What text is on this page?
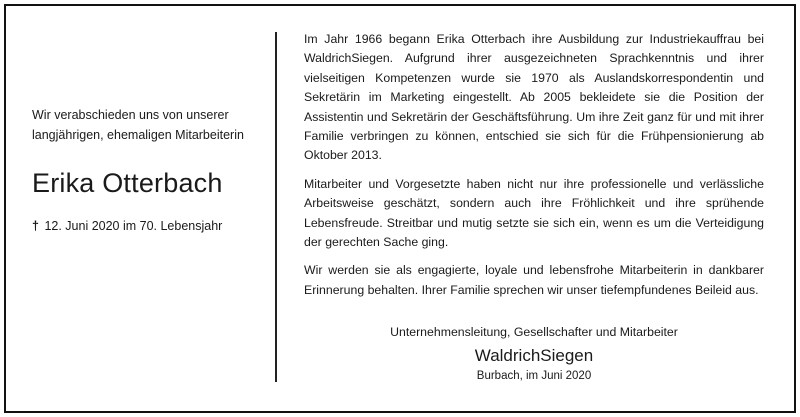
Wir verabschieden uns von unserer
langjährigen, ehemaligen Mitarbeiterin

Erika Otterbach

† 12. Juni 2020 im 70. Lebensjahr

Im Jahr 1966 begann Erika Otterbach ihre Ausbildung zur Industriekauffrau bei WaldrichSiegen. Aufgrund ihrer ausgezeichneten Sprachkenntnis und ihrer vielseitigen Kompetenzen wurde sie 1970 als Auslandskorrespondentin und Sekretärin im Marketing eingestellt. Ab 2005 bekleidete sie die Position der Assistentin und Sekretärin der Geschäftsführung. Um ihre Zeit ganz für und mit ihrer Familie verbringen zu können, entschied sie sich für die Frühpensionierung ab Oktober 2013.

Mitarbeiter und Vorgesetzte haben nicht nur ihre professionelle und verlässliche Arbeitsweise geschätzt, sondern auch ihre Fröhlichkeit und ihre sprühende Lebensfreude. Streitbar und mutig setzte sie sich ein, wenn es um die Verteidigung der gerechten Sache ging.

Wir werden sie als engagierte, loyale und lebensfrohe Mitarbeiterin in dankbarer Erinnerung behalten. Ihrer Familie sprechen wir unser tiefempfundenes Beileid aus.

Unternehmensleitung, Gesellschafter und Mitarbeiter

WaldrichSiegen

Burbach, im Juni 2020
